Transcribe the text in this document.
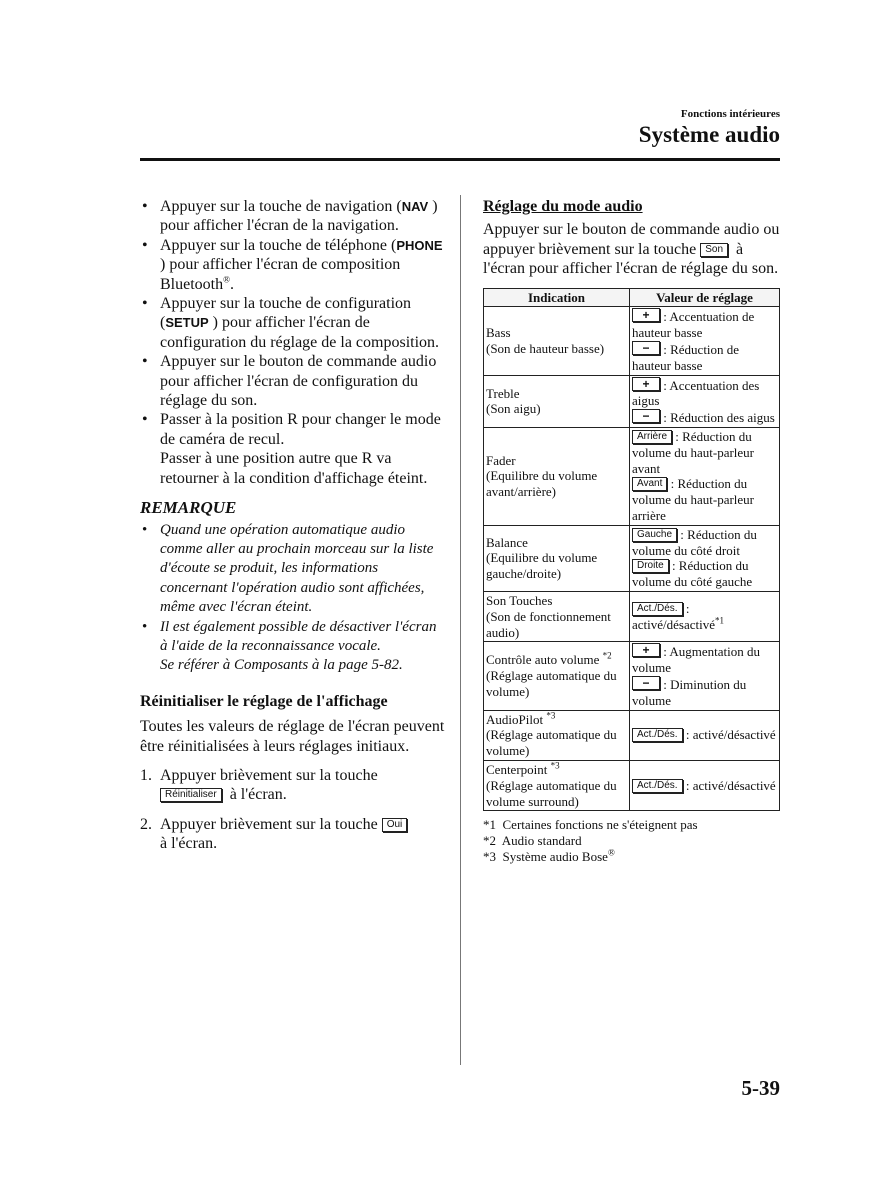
Fonctions intérieures
Système audio
• Appuyer sur la touche de navigation (NAV ) pour afficher l'écran de la navigation.
• Appuyer sur la touche de téléphone (PHONE ) pour afficher l'écran de composition Bluetooth®.
• Appuyer sur la touche de configuration (SETUP ) pour afficher l'écran de configuration du réglage de la composition.
• Appuyer sur le bouton de commande audio pour afficher l'écran de configuration du réglage du son.
• Passer à la position R pour changer le mode de caméra de recul.
Passer à une position autre que R va retourner à la condition d'affichage éteint.
REMARQUE
• Quand une opération automatique audio comme aller au prochain morceau sur la liste d'écoute se produit, les informations concernant l'opération audio sont affichées, même avec l'écran éteint.
• Il est également possible de désactiver l'écran à l'aide de la reconnaissance vocale.
Se référer à Composants à la page 5-82.
Réinitialiser le réglage de l'affichage
Toutes les valeurs de réglage de l'écran peuvent être réinitialisées à leurs réglages initiaux.
1. Appuyer brièvement sur la touche
Réinitialiser à l'écran.
2. Appuyer brièvement sur la touche Oui
à l'écran.
Réglage du mode audio
Appuyer sur le bouton de commande audio ou appuyer brièvement sur la touche Son à l'écran pour afficher l'écran de réglage du son.
Indication	Valeur de réglage
Bass
(Son de hauteur basse)	+ : Accentuation de hauteur basse
− : Réduction de hauteur basse
Treble
(Son aigu)	+ : Accentuation des aigus
− : Réduction des aigus
Fader
(Equilibre du volume avant/arrière)	Arrière : Réduction du volume du haut-parleur avant
Avant : Réduction du volume du haut-parleur arrière
Balance
(Equilibre du volume gauche/droite)	Gauche : Réduction du volume du côté droit
Droite : Réduction du volume du côté gauche
Son Touches
(Son de fonctionnement audio)	Act./Dés. : activé/désactivé$^{*1}$
Contrôle auto volume $^{*2}$
(Réglage automatique du volume)	+ : Augmentation du volume
− : Diminution du volume
AudioPilot $^{*3}$
(Réglage automatique du volume)	Act./Dés. : activé/désactivé
Centerpoint $^{*3}$
(Réglage automatique du volume surround)	Act./Dés. : activé/désactivé
*1 Certaines fonctions ne s'éteignent pas
*2 Audio standard
*3 Système audio Bose®
5-39
